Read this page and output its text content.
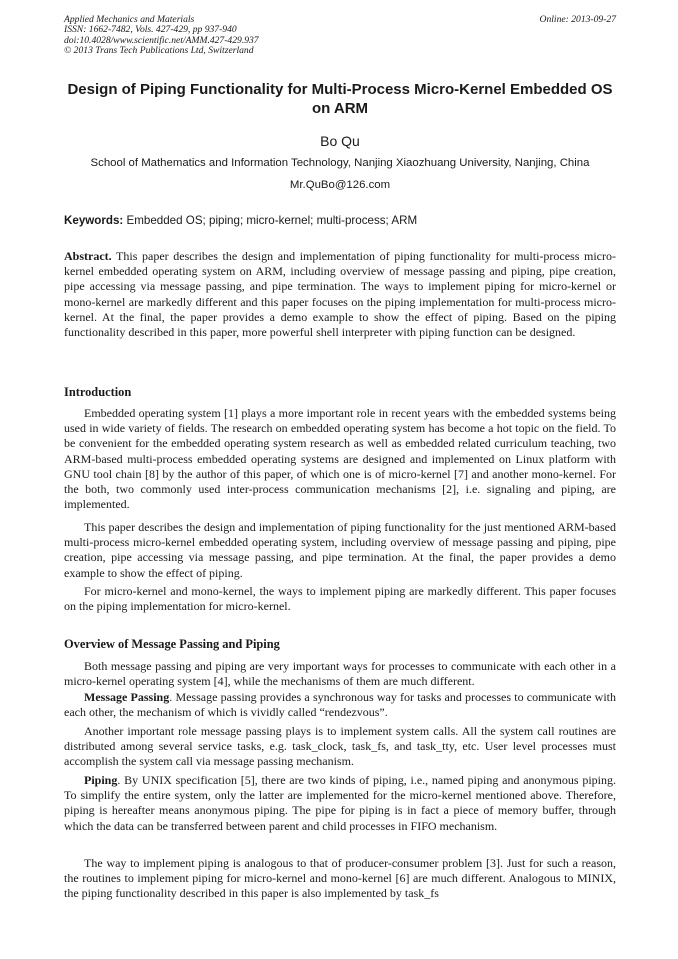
Applied Mechanics and Materials
ISSN: 1662-7482, Vols. 427-429, pp 937-940
doi:10.4028/www.scientific.net/AMM.427-429.937
© 2013 Trans Tech Publications Ltd, Switzerland
Online: 2013-09-27
Design of Piping Functionality for Multi-Process Micro-Kernel Embedded OS on ARM
Bo Qu
School of Mathematics and Information Technology, Nanjing Xiaozhuang University, Nanjing, China
Mr.QuBo@126.com
Keywords: Embedded OS; piping; micro-kernel; multi-process; ARM
Abstract. This paper describes the design and implementation of piping functionality for multi-process micro-kernel embedded operating system on ARM, including overview of message passing and piping, pipe creation, pipe accessing via message passing, and pipe termination. The ways to implement piping for micro-kernel or mono-kernel are markedly different and this paper focuses on the piping implementation for multi-process micro-kernel. At the final, the paper provides a demo example to show the effect of piping. Based on the piping functionality described in this paper, more powerful shell interpreter with piping function can be designed.
Introduction
Embedded operating system [1] plays a more important role in recent years with the embedded systems being used in wide variety of fields. The research on embedded operating system has become a hot topic on the field. To be convenient for the embedded operating system research as well as embedded related curriculum teaching, two ARM-based multi-process embedded operating systems are designed and implemented on Linux platform with GNU tool chain [8] by the author of this paper, of which one is of micro-kernel [7] and another mono-kernel. For the both, two commonly used inter-process communication mechanisms [2], i.e. signaling and piping, are implemented.
This paper describes the design and implementation of piping functionality for the just mentioned ARM-based multi-process micro-kernel embedded operating system, including overview of message passing and piping, pipe creation, pipe accessing via message passing, and pipe termination. At the final, the paper provides a demo example to show the effect of piping.
For micro-kernel and mono-kernel, the ways to implement piping are markedly different. This paper focuses on the piping implementation for micro-kernel.
Overview of Message Passing and Piping
Both message passing and piping are very important ways for processes to communicate with each other in a micro-kernel operating system [4], while the mechanisms of them are much different.
Message Passing. Message passing provides a synchronous way for tasks and processes to communicate with each other, the mechanism of which is vividly called “rendezvous”.
Another important role message passing plays is to implement system calls. All the system call routines are distributed among several service tasks, e.g. task_clock, task_fs, and task_tty, etc. User level processes must accomplish the system call via message passing mechanism.
Piping. By UNIX specification [5], there are two kinds of piping, i.e., named piping and anonymous piping. To simplify the entire system, only the latter are implemented for the micro-kernel mentioned above. Therefore, piping is hereafter means anonymous piping. The pipe for piping is in fact a piece of memory buffer, through which the data can be transferred between parent and child processes in FIFO mechanism.
The way to implement piping is analogous to that of producer-consumer problem [3]. Just for such a reason, the routines to implement piping for micro-kernel and mono-kernel [6] are much different. Analogous to MINIX, the piping functionality described in this paper is also implemented by task_fs
